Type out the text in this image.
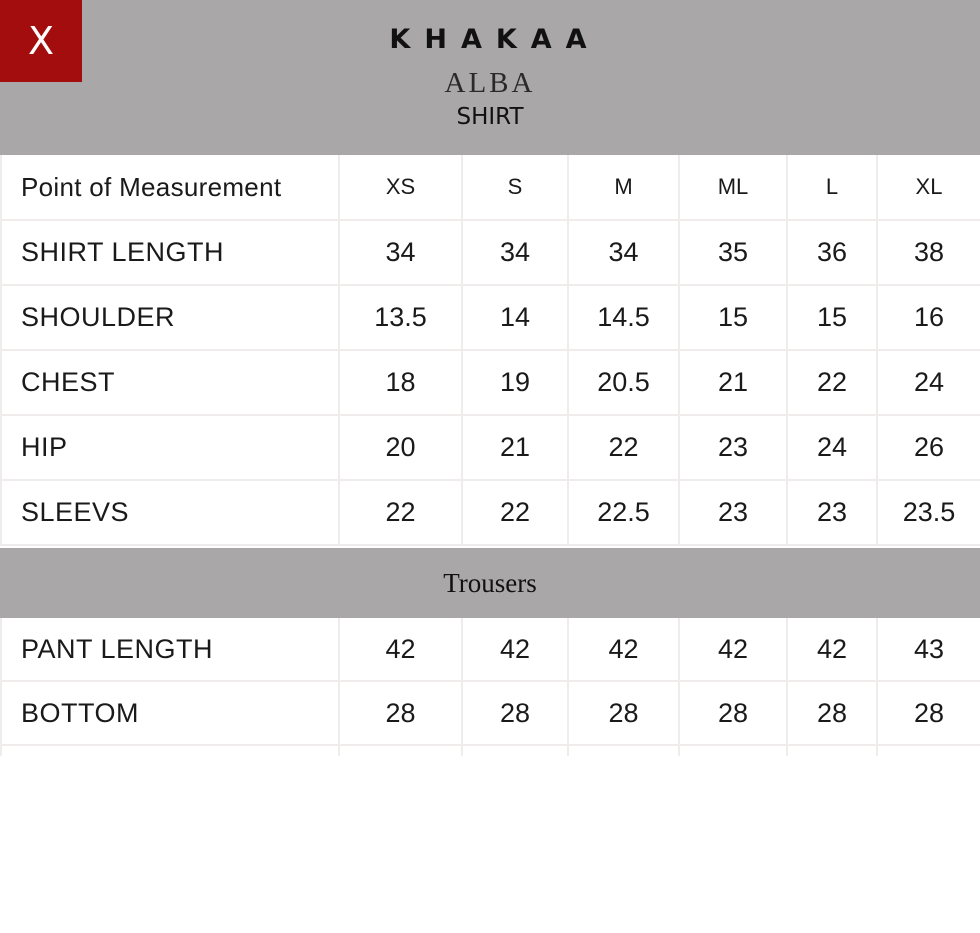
KHAKAA
ALBA
SHIRT
X
Point of Measurement	XS	S	M	ML	L	XL
SHIRT LENGTH	34	34	34	35	36	38
SHOULDER	13.5	14	14.5	15	15	16
CHEST	18	19	20.5	21	22	24
HIP	20	21	22	23	24	26
SLEEVS	22	22	22.5	23	23	23.5
Trousers
PANT LENGTH	42	42	42	42	42	43
BOTTOM	28	28	28	28	28	28
